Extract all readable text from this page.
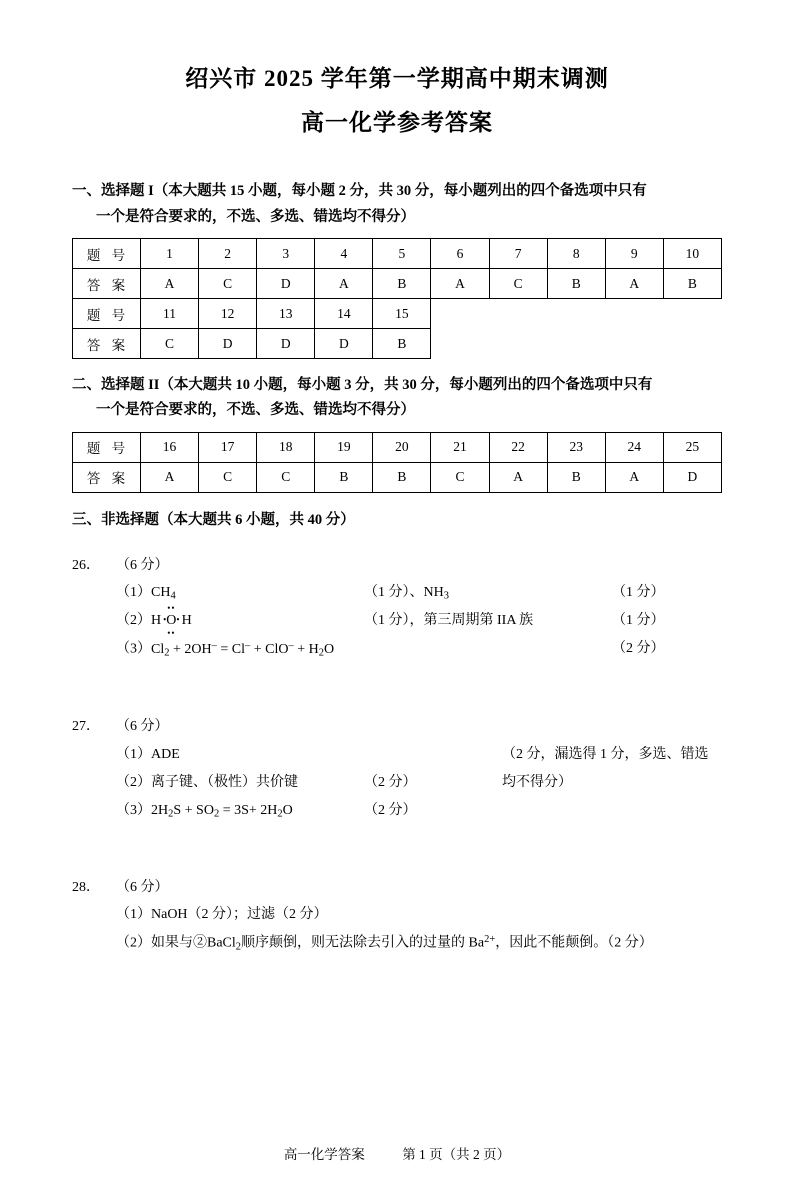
绍兴市 2025 学年第一学期高中期末调测
高一化学参考答案
一、选择题 I（本大题共 15 小题，每小题 2 分，共 30 分，每小题列出的四个备选项中只有
一个是符合要求的，不选、多选、错选均不得分）
题 号	1	2	3	4	5	6	7	8	9	10
答 案	A	C	D	A	B	A	C	B	A	B
题 号	11	12	13	14	15					
答 案	C	D	D	D	B					
二、选择题 II（本大题共 10 小题，每小题 3 分，共 30 分，每小题列出的四个备选项中只有
一个是符合要求的，不选、多选、错选均不得分）
题 号	16	17	18	19	20	21	22	23	24	25
答 案	A	C	C	B	B	C	A	B	A	D
三、非选择题（本大题共 6 小题，共 40 分）
26． （6 分）
$(1)CH_4$	（1 分）、$NH_3$	（1 分）
（2）H
••
••
•O• H	（1 分），第三周期第 IIA 族	（1 分）
$(3)Cl_2 + 2OH^- = Cl^- + ClO^- + H_2O$	（2 分）
27． （6 分）
（1）ADE	（2 分，漏选得 1 分，多选、错选均不得分）
（2）离子键、（极性）共价键	（2 分）
$(3)2H_2S + SO_2 = 3S+ 2H_2O$	（2 分）
28． （6 分）
（1）NaOH（2 分）；过滤（2 分）
（2）如果与②BaCl$_2$顺序颠倒，则无法除去引入的过量的 $Ba^{2+}$，因此不能颠倒。（2 分）
高一化学答案	第 1 页（共 2 页）
